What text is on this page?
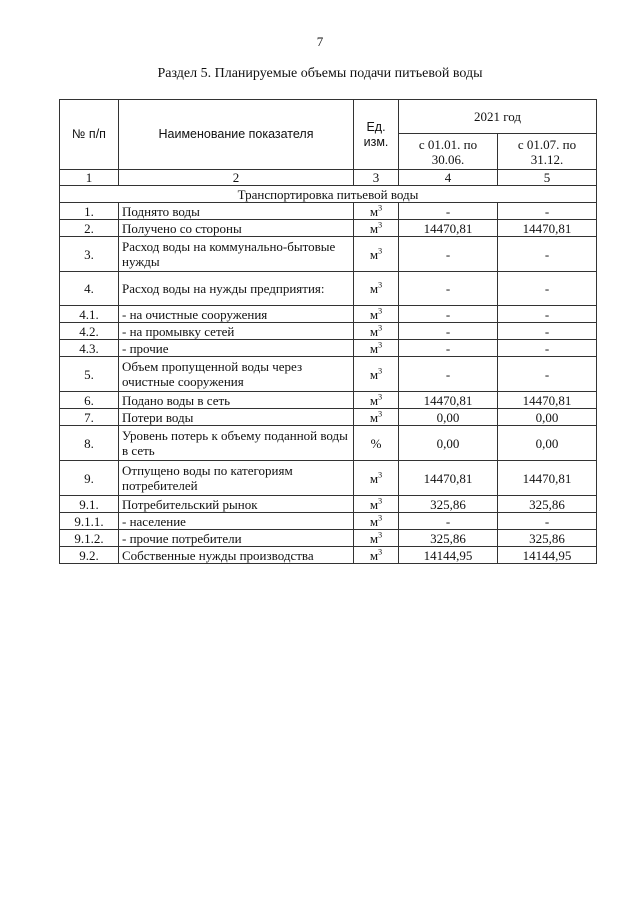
7
Раздел 5. Планируемые объемы подачи питьевой воды
№ п/п	Наименование показателя	Ед. изм.	2021 год	
			с 01.01. по 30.06.	с 01.07. по 31.12.
1	2	3	4	5
Транспортировка питьевой воды				
1.	Поднято воды	$м^3$	-	-
2.	Получено со стороны	$м^3$	14470,81	14470,81
3.	Расход воды на коммунально-бытовые нужды	$м^3$	-	-
4.	Расход воды на нужды предприятия:	$м^3$	-	-
4.1.	- на очистные сооружения	$м^3$	-	-
4.2.	- на промывку сетей	$м^3$	-	-
4.3.	- прочие	$м^3$	-	-
5.	Объем пропущенной воды через очистные сооружения	$м^3$	-	-
6.	Подано воды в сеть	$м^3$	14470,81	14470,81
7.	Потери воды	$м^3$	0,00	0,00
8.	Уровень потерь к объему поданной воды в сеть	%	0,00	0,00
9.	Отпущено воды по категориям потребителей	$м^3$	14470,81	14470,81
9.1.	Потребительский рынок	$м^3$	325,86	325,86
9.1.1.	- население	$м^3$	-	-
9.1.2.	- прочие потребители	$м^3$	325,86	325,86
9.2.	Собственные нужды производства	$м^3$	14144,95	14144,95
